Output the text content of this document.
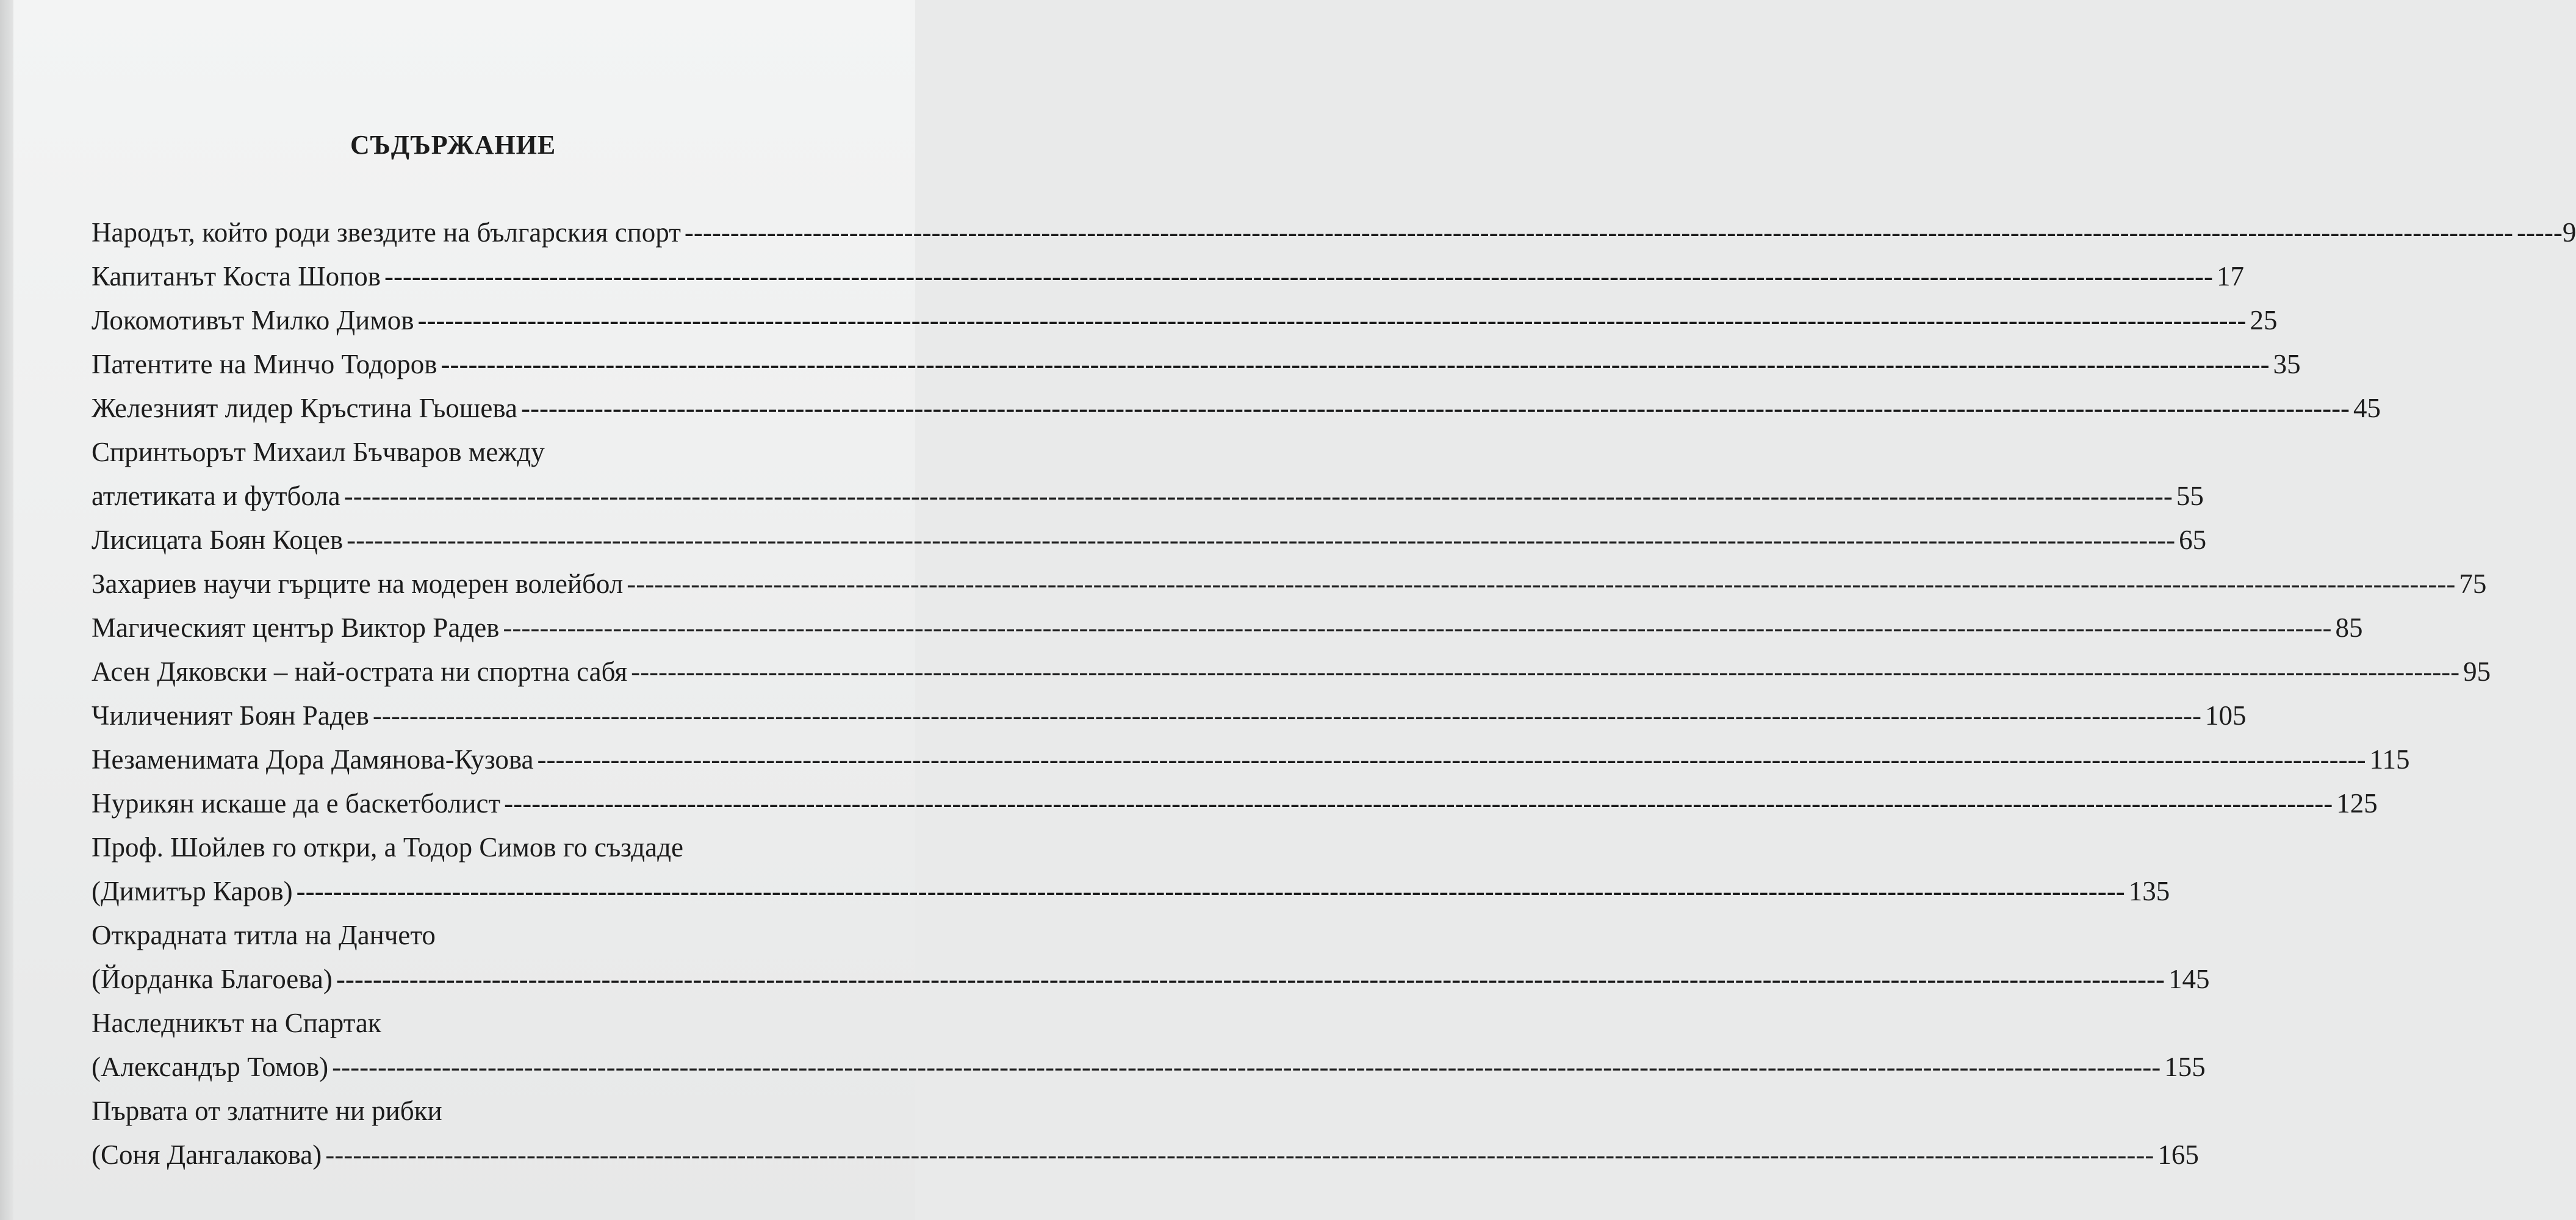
СЪДЪРЖАНИЕ
Народът, който роди звездите на българския спорт -------------------------------------------------------------------------------------------------------------------------------------------------------------------------------------------------------- -----9
Капитанът Коста Шопов -------------------------------------------------------------------------------------------------------------------------------------------------------------------------------------------------------- 17
Локомотивът Милко Димов -------------------------------------------------------------------------------------------------------------------------------------------------------------------------------------------------------- 25
Патентите на Минчо Тодоров -------------------------------------------------------------------------------------------------------------------------------------------------------------------------------------------------------- 35
Железният лидер Кръстина Гьошева -------------------------------------------------------------------------------------------------------------------------------------------------------------------------------------------------------- 45
Спринтьорът Михаил Бъчваров между
атлетиката и футбола -------------------------------------------------------------------------------------------------------------------------------------------------------------------------------------------------------- 55
Лисицата Боян Коцев -------------------------------------------------------------------------------------------------------------------------------------------------------------------------------------------------------- 65
Захариев научи гърците на модерен волейбол -------------------------------------------------------------------------------------------------------------------------------------------------------------------------------------------------------- 75
Магическият център Виктор Радев -------------------------------------------------------------------------------------------------------------------------------------------------------------------------------------------------------- 85
Асен Дяковски – най-острата ни спортна сабя -------------------------------------------------------------------------------------------------------------------------------------------------------------------------------------------------------- 95
Чиличеният Боян Радев -------------------------------------------------------------------------------------------------------------------------------------------------------------------------------------------------------- 105
Незаменимата Дора Дамянова-Кузова -------------------------------------------------------------------------------------------------------------------------------------------------------------------------------------------------------- 115
Нурикян искаше да е баскетболист -------------------------------------------------------------------------------------------------------------------------------------------------------------------------------------------------------- 125
Проф. Шойлев го откри, а Тодор Симов го създаде
(Димитър Каров) -------------------------------------------------------------------------------------------------------------------------------------------------------------------------------------------------------- 135
Открадната титла на Данчето
(Йорданка Благоева) -------------------------------------------------------------------------------------------------------------------------------------------------------------------------------------------------------- 145
Наследникът на Спартак
(Александър Томов) -------------------------------------------------------------------------------------------------------------------------------------------------------------------------------------------------------- 155
Първата от златните ни рибки
(Соня Дангалакова) -------------------------------------------------------------------------------------------------------------------------------------------------------------------------------------------------------- 165
